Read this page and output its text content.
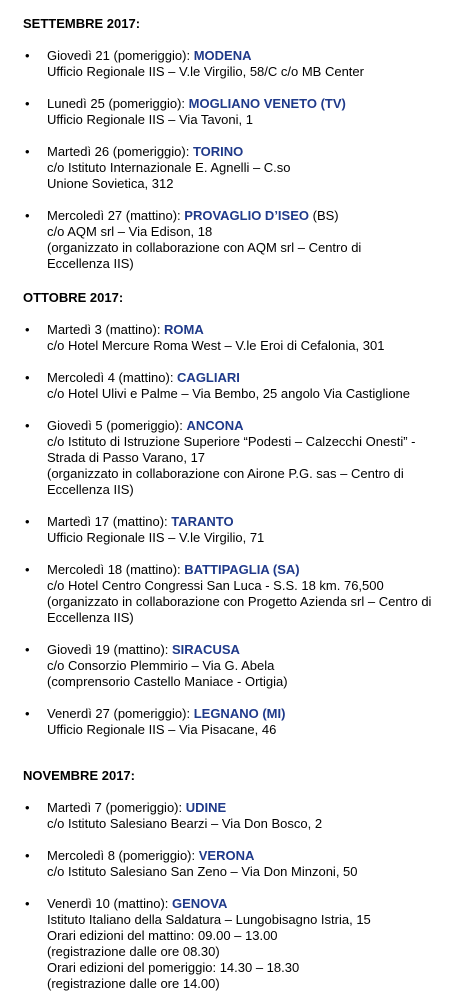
SETTEMBRE 2017:

• Giovedì 21 (pomeriggio): MODENA
Ufficio Regionale IIS – V.le Virgilio, 58/C c/o MB Center
• Lunedì 25 (pomeriggio): MOGLIANO VENETO (TV)
Ufficio Regionale IIS – Via Tavoni, 1
• Martedì 26 (pomeriggio): TORINO
c/o Istituto Internazionale E. Agnelli – C.so
Unione Sovietica, 312
• Mercoledì 27 (mattino): PROVAGLIO D’ISEO (BS)
c/o AQM srl – Via Edison, 18
(organizzato in collaborazione con AQM srl – Centro di
Eccellenza IIS)

OTTOBRE 2017:

• Martedì 3 (mattino): ROMA
c/o Hotel Mercure Roma West – V.le Eroi di Cefalonia, 301
• Mercoledì 4 (mattino): CAGLIARI
c/o Hotel Ulivi e Palme – Via Bembo, 25 angolo Via Castiglione
• Giovedì 5 (pomeriggio): ANCONA
c/o Istituto di Istruzione Superiore “Podesti – Calzecchi Onesti” -
Strada di Passo Varano, 17
(organizzato in collaborazione con Airone P.G. sas – Centro di
Eccellenza IIS)
• Martedì 17 (mattino): TARANTO
Ufficio Regionale IIS – V.le Virgilio, 71
• Mercoledì 18 (mattino): BATTIPAGLIA (SA)
c/o Hotel Centro Congressi San Luca - S.S. 18 km. 76,500
(organizzato in collaborazione con Progetto Azienda srl – Centro di
Eccellenza IIS)
• Giovedì 19 (mattino): SIRACUSA
c/o Consorzio Plemmirio – Via G. Abela
(comprensorio Castello Maniace - Ortigia)
• Venerdì 27 (pomeriggio): LEGNANO (MI)
Ufficio Regionale IIS – Via Pisacane, 46

NOVEMBRE 2017:

• Martedì 7 (pomeriggio): UDINE
c/o Istituto Salesiano Bearzi – Via Don Bosco, 2
• Mercoledì 8 (pomeriggio): VERONA
c/o Istituto Salesiano San Zeno – Via Don Minzoni, 50
• Venerdì 10 (mattino): GENOVA
Istituto Italiano della Saldatura – Lungobisagno Istria, 15
Orari edizioni del mattino: 09.00 – 13.00
(registrazione dalle ore 08.30)
Orari edizioni del pomeriggio: 14.30 – 18.30
(registrazione dalle ore 14.00)
